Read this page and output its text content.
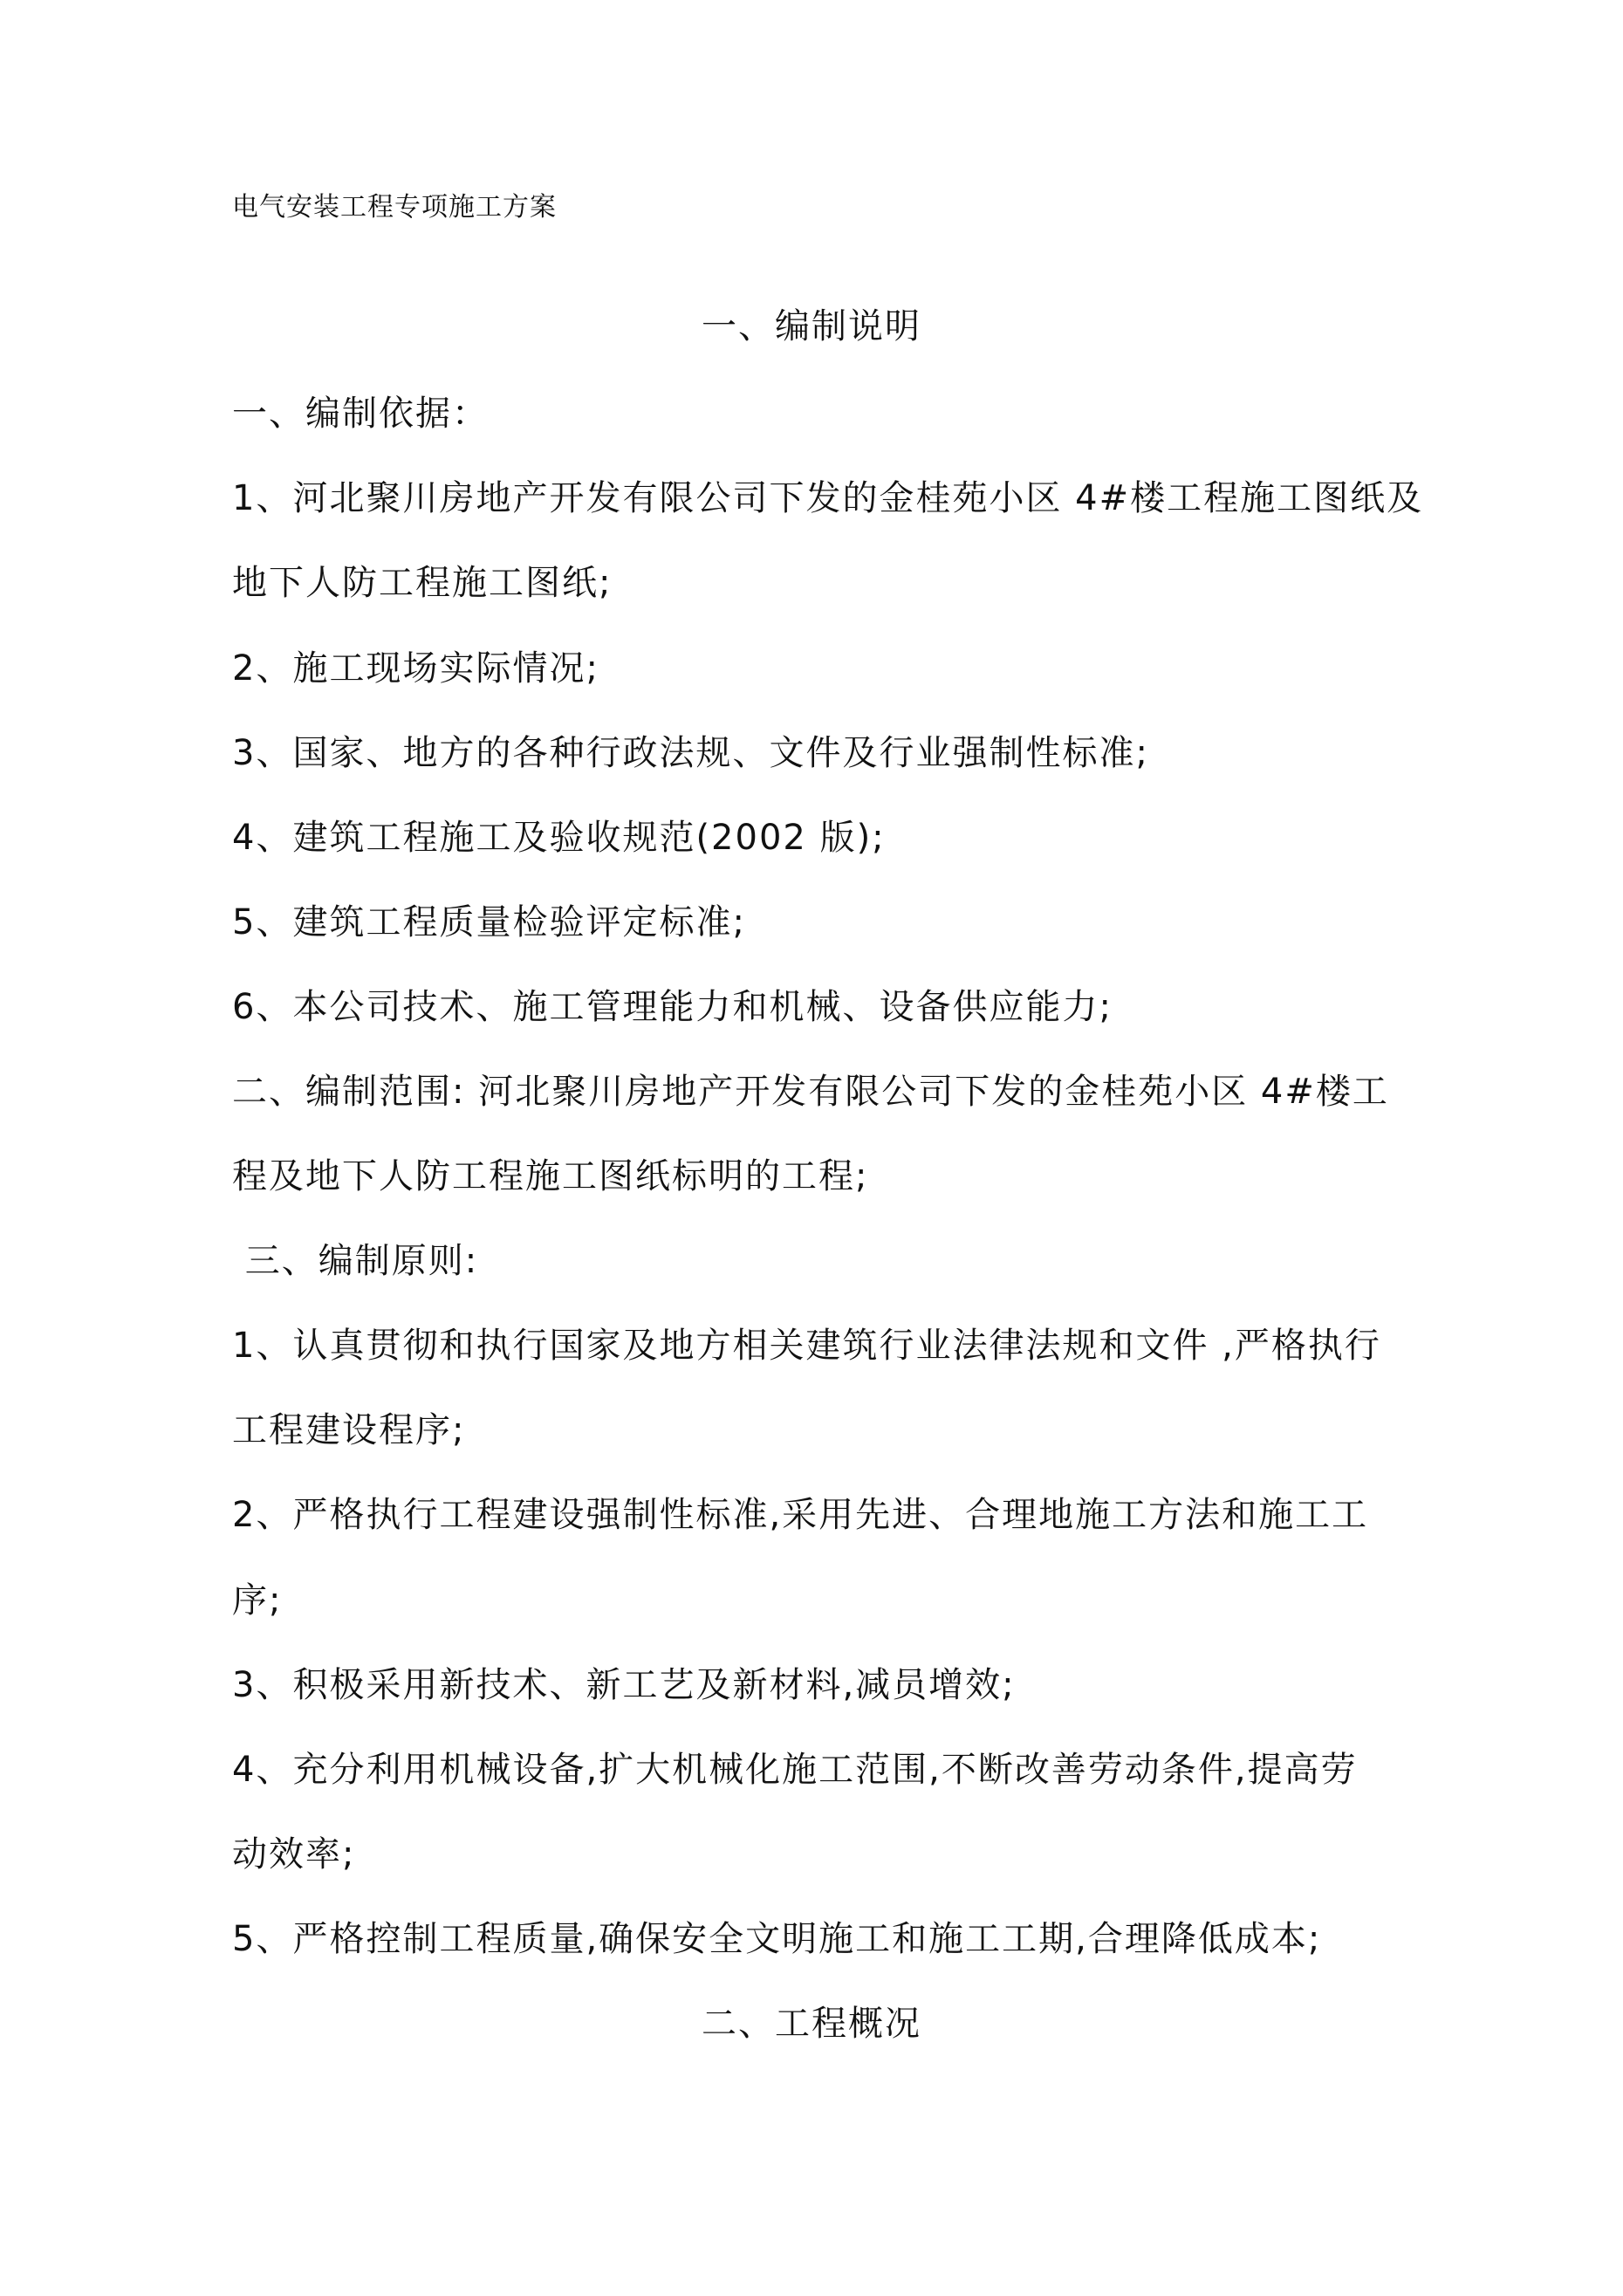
电气安装工程专项施工方案
一、编制说明
一、编制依据：
1、河北聚川房地产开发有限公司下发的金桂苑小区 4#楼工程施工图纸及
地下人防工程施工图纸;
2、施工现场实际情况;
3、国家、地方的各种行政法规、文件及行业强制性标准;
4、建筑工程施工及验收规范(2002 版);
5、建筑工程质量检验评定标准;
6、本公司技术、施工管理能力和机械、设备供应能力;
二、编制范围: 河北聚川房地产开发有限公司下发的金桂苑小区 4#楼工
程及地下人防工程施工图纸标明的工程;
三、编制原则:
1、认真贯彻和执行国家及地方相关建筑行业法律法规和文件 ,严格执行
工程建设程序;
2、严格执行工程建设强制性标准,采用先进、合理地施工方法和施工工
序;
3、积极采用新技术、新工艺及新材料,减员增效;
4、充分利用机械设备,扩大机械化施工范围,不断改善劳动条件,提高劳
动效率;
5、严格控制工程质量,确保安全文明施工和施工工期,合理降低成本;
二、工程概况
